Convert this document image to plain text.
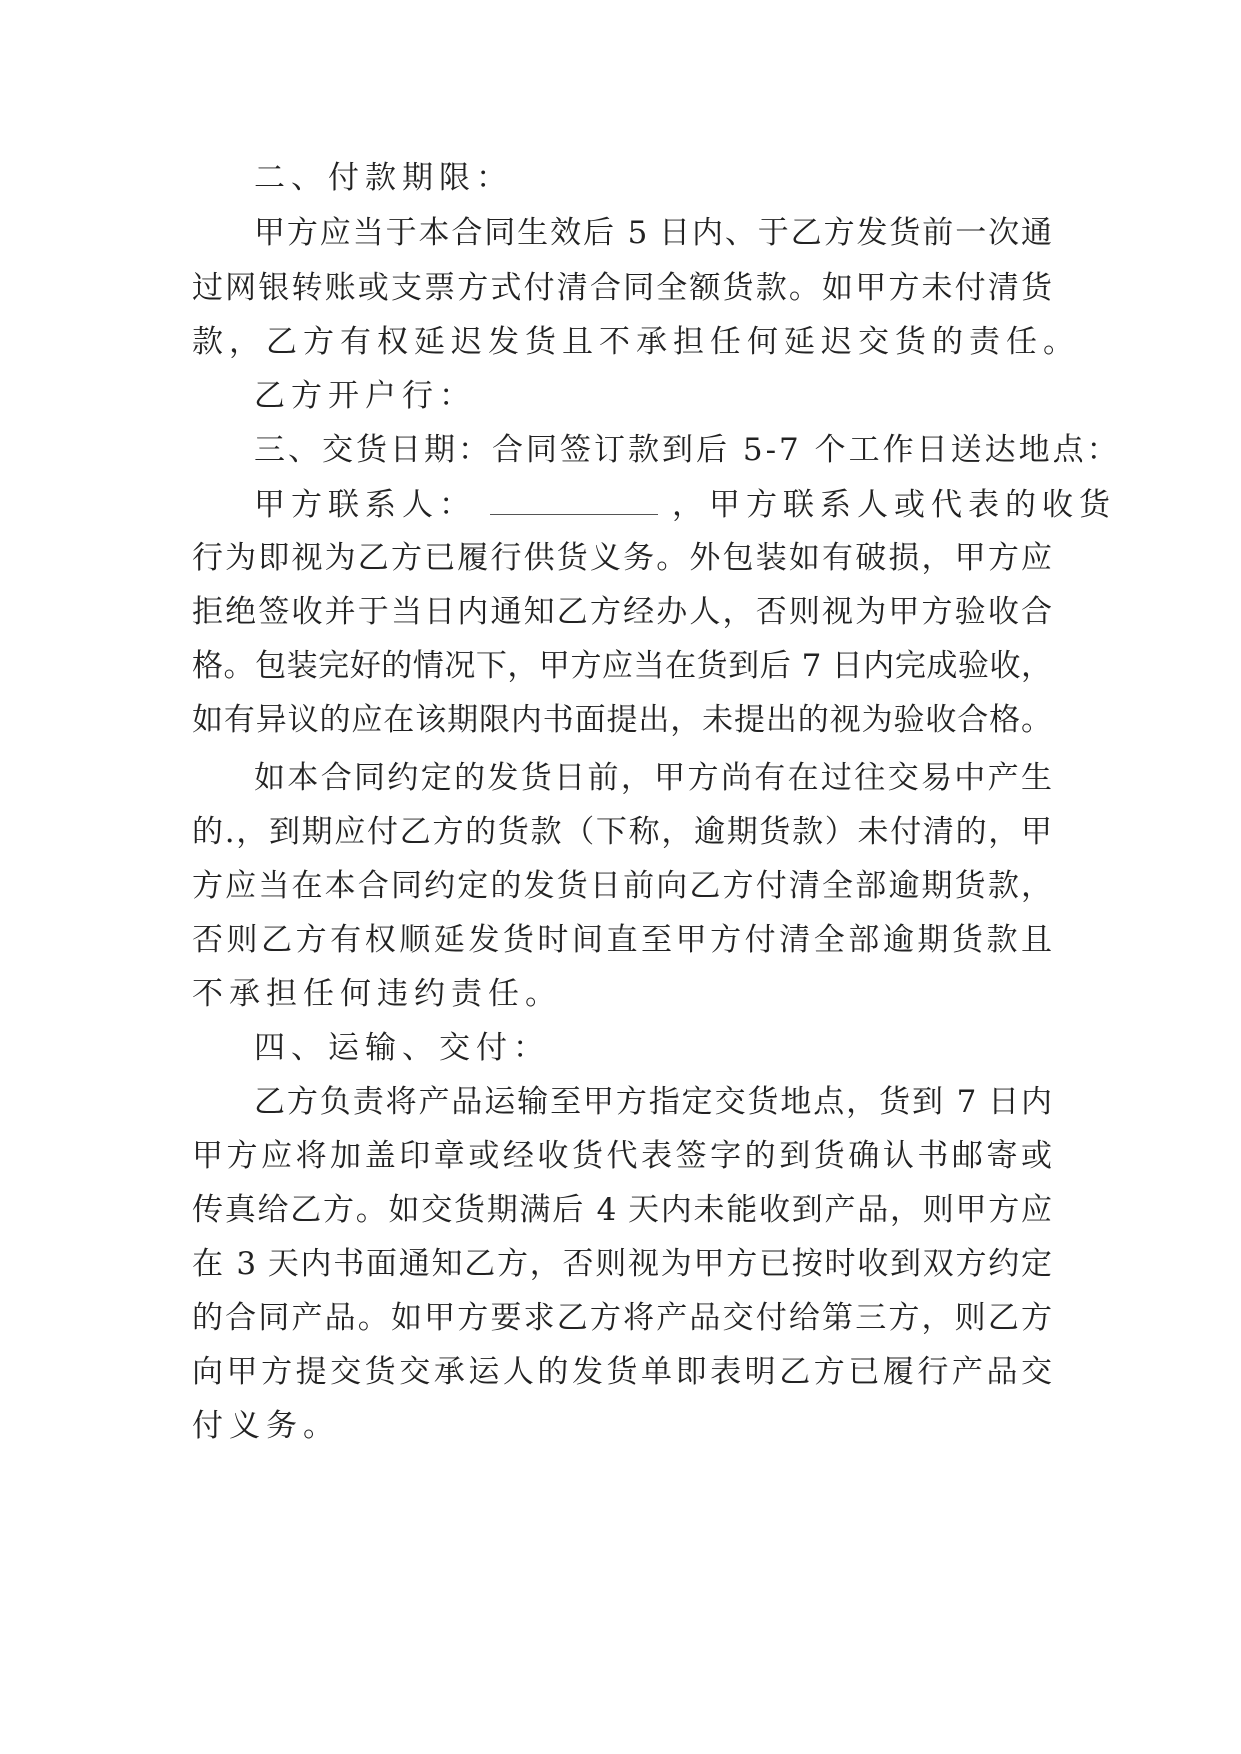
二、付款期限：
甲方应当于本合同生效后 5 日内、于乙方发货前一次通
过网银转账或支票方式付清合同全额货款。如甲方未付清货
款，乙方有权延迟发货且不承担任何延迟交货的责任。
乙方开户行：
三、交货日期：合同签订款到后 5-7 个工作日送达地点：
甲方联系人：	，甲方联系人或代表的收货
行为即视为乙方已履行供货义务。外包装如有破损，甲方应
拒绝签收并于当日内通知乙方经办人，否则视为甲方验收合
格。包装完好的情况下，甲方应当在货到后 7 日内完成验收，
如有异议的应在该期限内书面提出，未提出的视为验收合格。
如本合同约定的发货日前，甲方尚有在过往交易中产生
的.，到期应付乙方的货款（下称，逾期货款）未付清的，甲
方应当在本合同约定的发货日前向乙方付清全部逾期货款，
否则乙方有权顺延发货时间直至甲方付清全部逾期货款且
不承担任何违约责任。
四、运输、交付：
乙方负责将产品运输至甲方指定交货地点，货到 7 日内
甲方应将加盖印章或经收货代表签字的到货确认书邮寄或
传真给乙方。如交货期满后 4 天内未能收到产品，则甲方应
在 3 天内书面通知乙方，否则视为甲方已按时收到双方约定
的合同产品。如甲方要求乙方将产品交付给第三方，则乙方
向甲方提交货交承运人的发货单即表明乙方已履行产品交
付义务。
